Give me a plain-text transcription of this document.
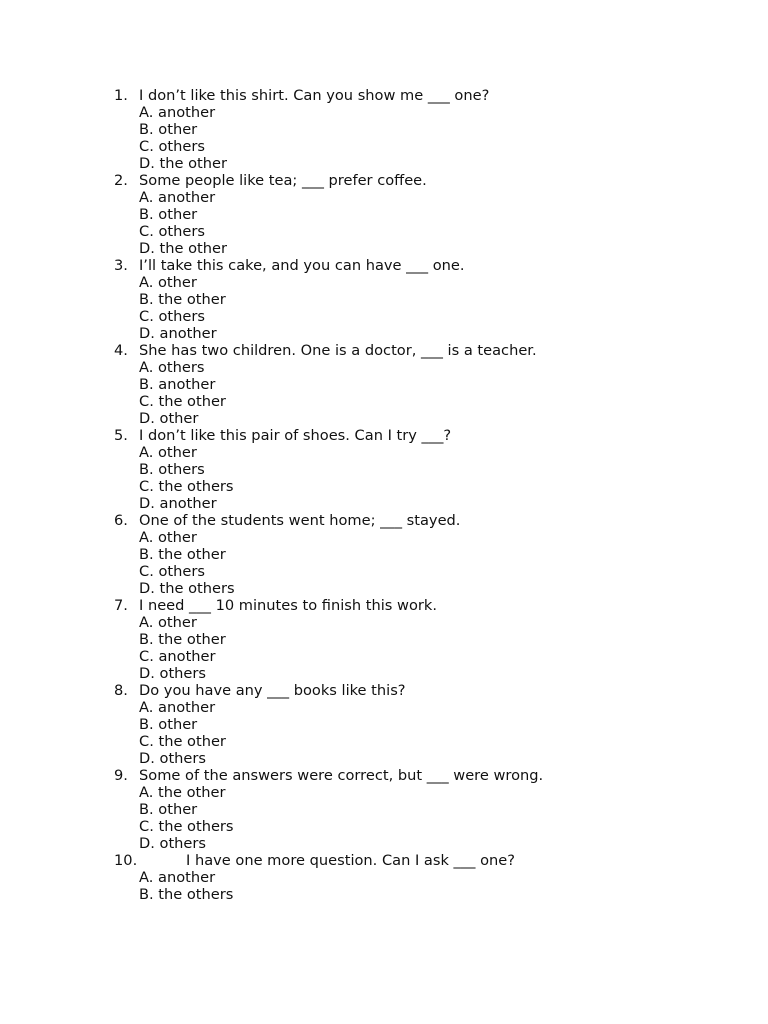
1. I don’t like this shirt. Can you show me ___ one?
A. another
B. other
C. others
D. the other
2. Some people like tea; ___ prefer coffee.
A. another
B. other
C. others
D. the other
3. I’ll take this cake, and you can have ___ one.
A. other
B. the other
C. others
D. another
4. She has two children. One is a doctor, ___ is a teacher.
A. others
B. another
C. the other
D. other
5. I don’t like this pair of shoes. Can I try ___?
A. other
B. others
C. the others
D. another
6. One of the students went home; ___ stayed.
A. other
B. the other
C. others
D. the others
7. I need ___ 10 minutes to finish this work.
A. other
B. the other
C. another
D. others
8. Do you have any ___ books like this?
A. another
B. other
C. the other
D. others
9. Some of the answers were correct, but ___ were wrong.
A. the other
B. other
C. the others
D. others
10.	I have one more question. Can I ask ___ one?
A. another
B. the others
